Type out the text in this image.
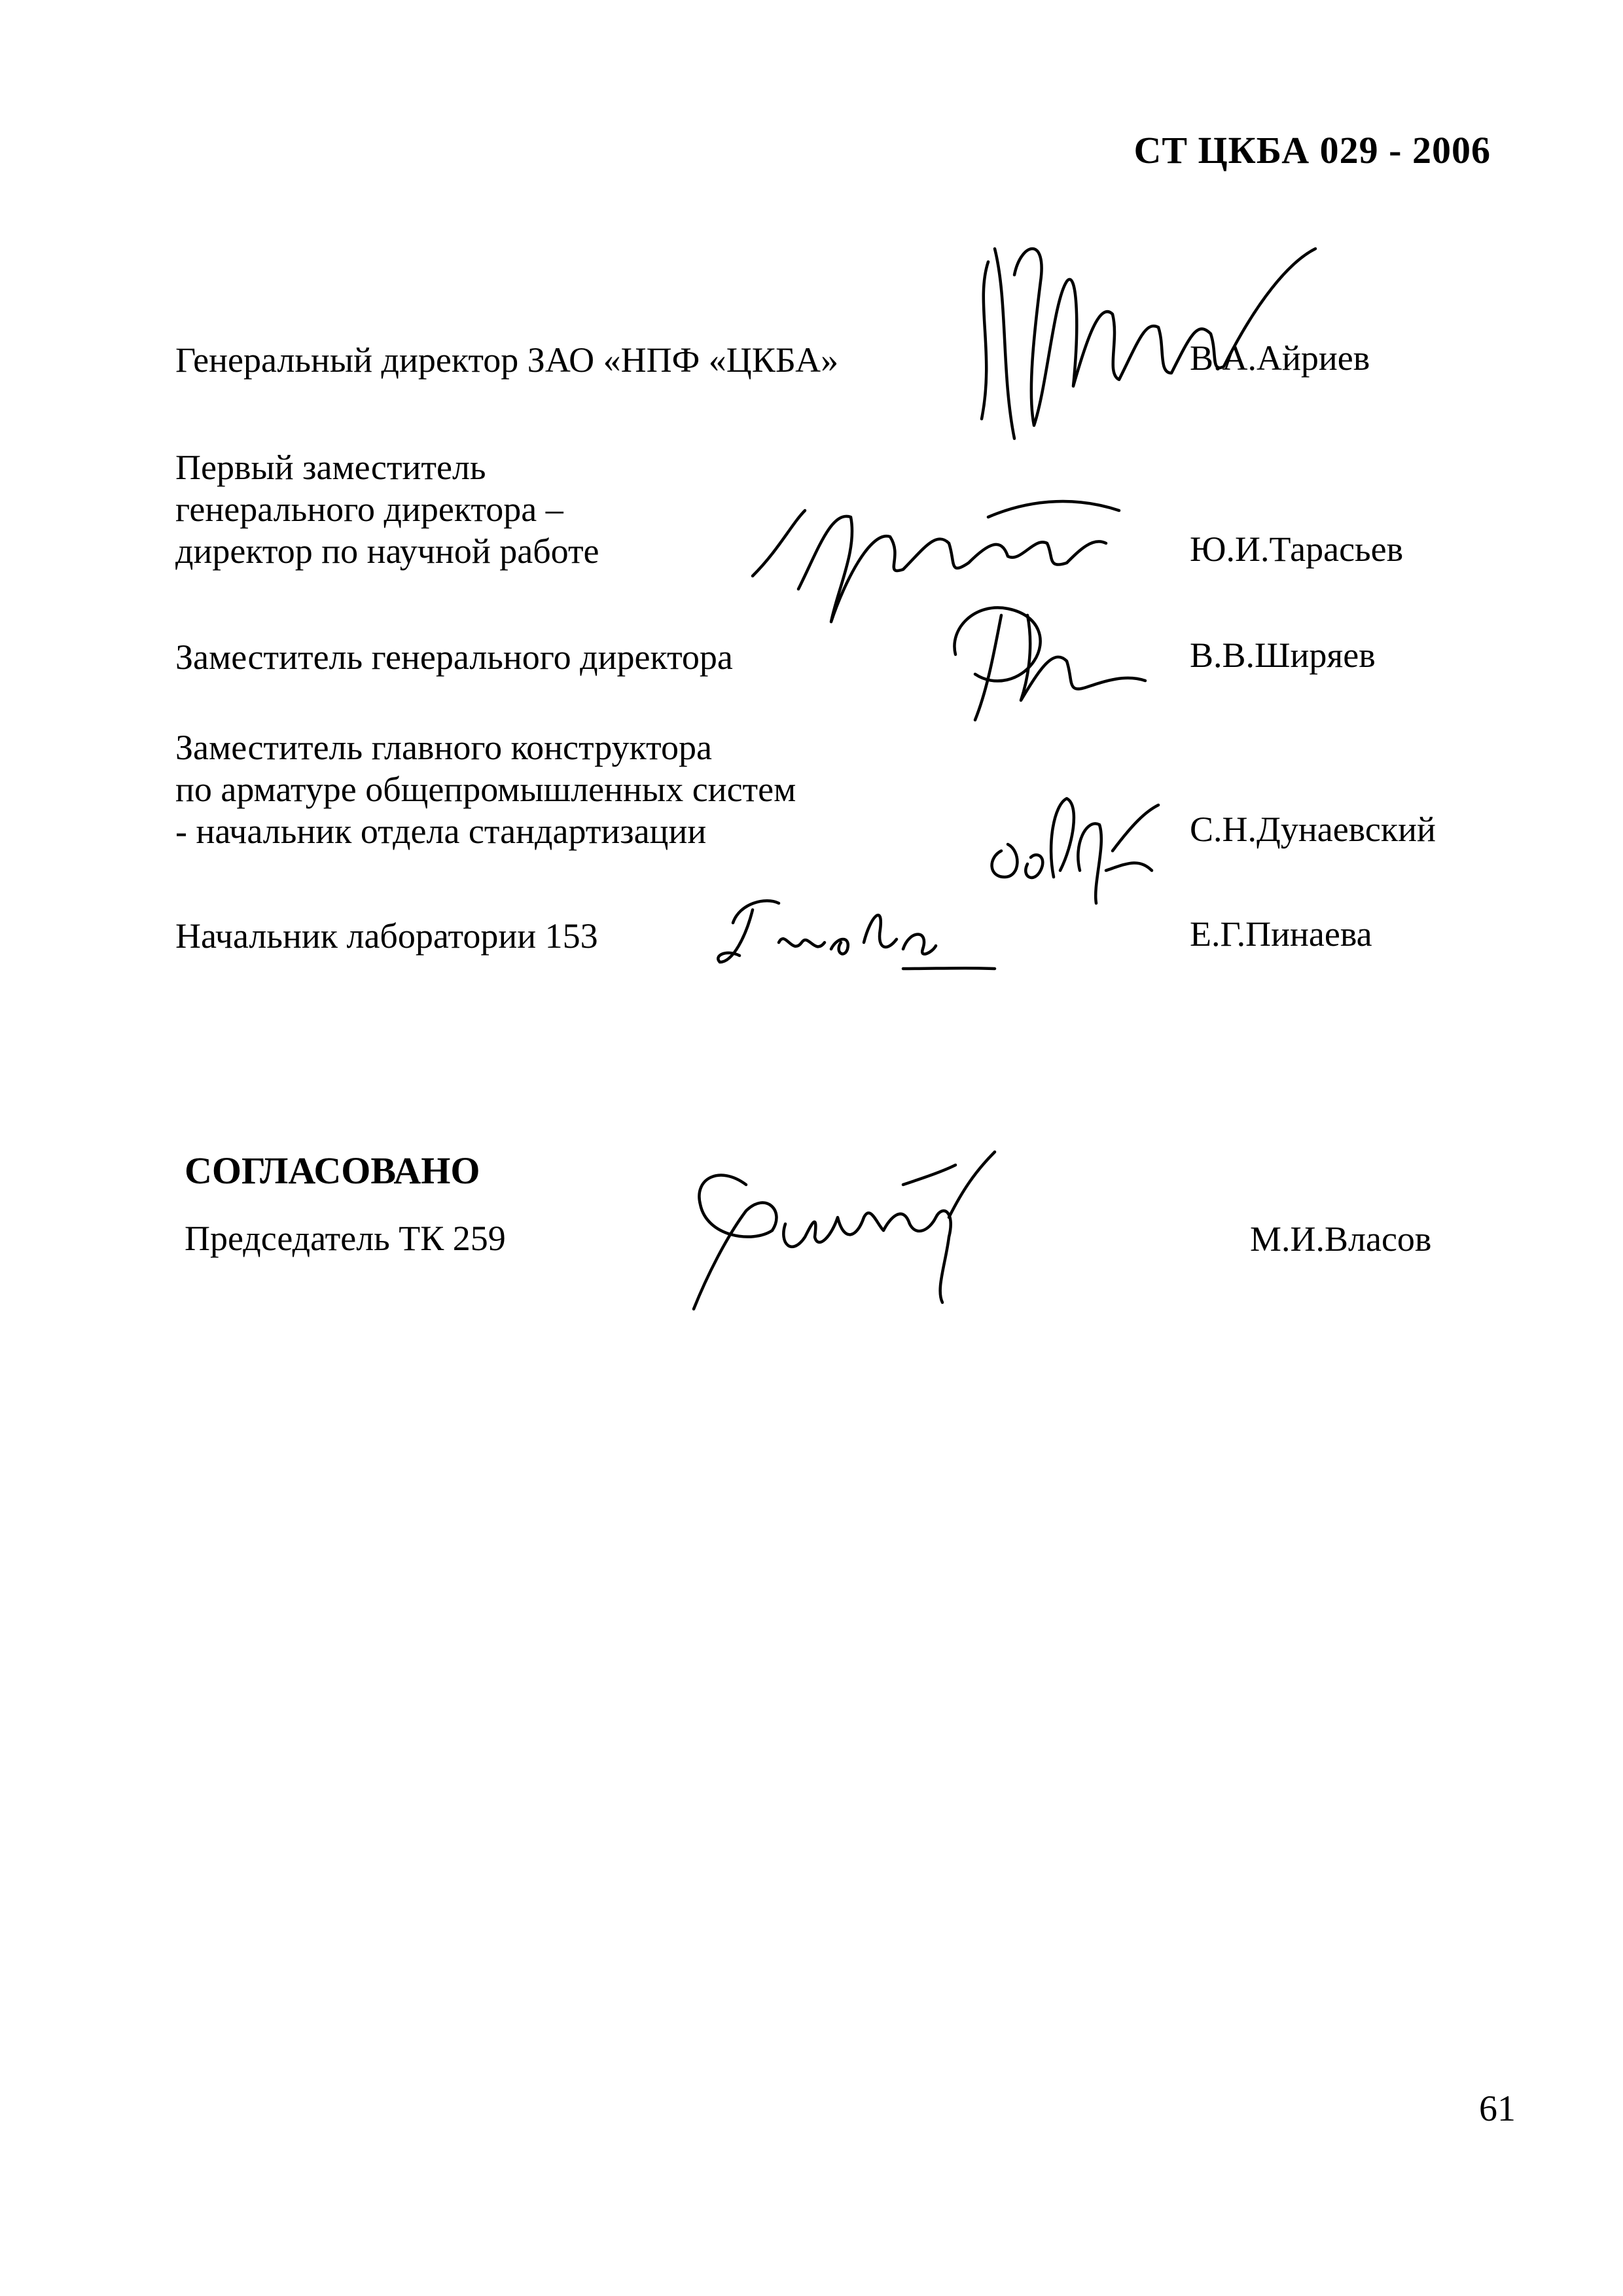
СТ ЦКБА 029 - 2006
Генеральный директор ЗАО «НПФ «ЦКБА»	В.А.Айриев
Первый заместитель
генерального директора –
директор по научной работе	Ю.И.Тарасьев
Заместитель генерального директора	В.В.Ширяев
Заместитель главного конструктора
по арматуре общепромышленных систем
- начальник отдела стандартизации	С.Н.Дунаевский
Начальник лаборатории 153	Е.Г.Пинаева
СОГЛАСОВАНО
Председатель ТК 259	М.И.Власов
61
